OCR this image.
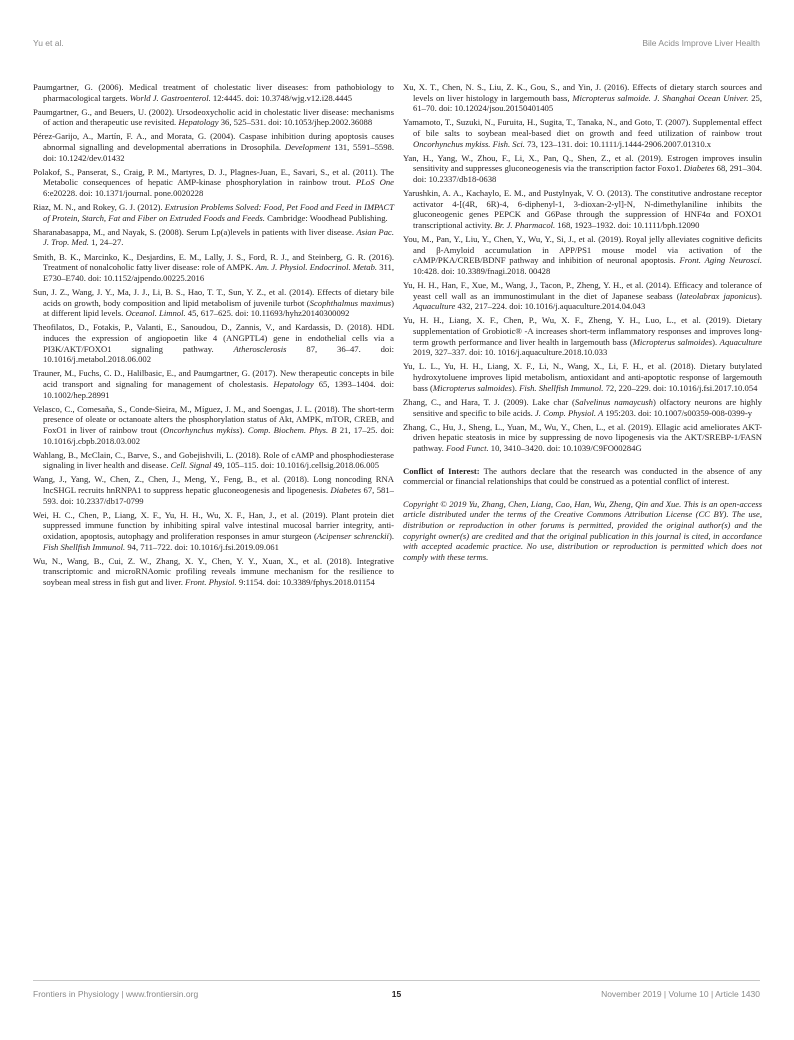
Yu et al.	Bile Acids Improve Liver Health

Paumgartner, G. (2006). Medical treatment of cholestatic liver diseases: from pathobiology to pharmacological targets. World J. Gastroenterol. 12:4445. doi: 10.3748/wjg.v12.i28.4445

Paumgartner, G., and Beuers, U. (2002). Ursodeoxycholic acid in cholestatic liver disease: mechanisms of action and therapeutic use revisited. Hepatology 36, 525–531. doi: 10.1053/jhep.2002.36088

Pérez-Garijo, A., Martín, F. A., and Morata, G. (2004). Caspase inhibition during apoptosis causes abnormal signalling and developmental aberrations in Drosophila. Development 131, 5591–5598. doi: 10.1242/dev.01432

Polakof, S., Panserat, S., Craig, P. M., Martyres, D. J., Plagnes-Juan, E., Savari, S., et al. (2011). The Metabolic consequences of hepatic AMP-kinase phosphorylation in rainbow trout. PLoS One 6:e20228. doi: 10.1371/journal. pone.0020228

Riaz, M. N., and Rokey, G. J. (2012). Extrusion Problems Solved: Food, Pet Food and Feed in IMPACT of Protein, Starch, Fat and Fiber on Extruded Foods and Feeds. Cambridge: Woodhead Publishing.

Sharanabasappa, M., and Nayak, S. (2008). Serum Lp(a)levels in patients with liver disease. Asian Pac. J. Trop. Med. 1, 24–27.

Smith, B. K., Marcinko, K., Desjardins, E. M., Lally, J. S., Ford, R. J., and Steinberg, G. R. (2016). Treatment of nonalcoholic fatty liver disease: role of AMPK. Am. J. Physiol. Endocrinol. Metab. 311, E730–E740. doi: 10.1152/ajpendo.00225.2016

Sun, J. Z., Wang, J. Y., Ma, J. J., Li, B. S., Hao, T. T., Sun, Y. Z., et al. (2014). Effects of dietary bile acids on growth, body composition and lipid metabolism of juvenile turbot (Scophthalmus maximus) at different lipid levels. Oceanol. Limnol. 45, 617–625. doi: 10.11693/hyhz20140300092

Theofilatos, D., Fotakis, P., Valanti, E., Sanoudou, D., Zannis, V., and Kardassis, D. (2018). HDL induces the expression of angiopoetin like 4 (ANGPTL4) gene in endothelial cells via a PI3K/AKT/FOXO1 signaling pathway. Atherosclerosis 87, 36–47. doi: 10.1016/j.metabol.2018.06.002

Trauner, M., Fuchs, C. D., Halilbasic, E., and Paumgartner, G. (2017). New therapeutic concepts in bile acid transport and signaling for management of cholestasis. Hepatology 65, 1393–1404. doi: 10.1002/hep.28991

Velasco, C., Comesaña, S., Conde-Sieira, M., Míguez, J. M., and Soengas, J. L. (2018). The short-term presence of oleate or octanoate alters the phosphorylation status of Akt, AMPK, mTOR, CREB, and FoxO1 in liver of rainbow trout (Oncorhynchus mykiss). Comp. Biochem. Phys. B 21, 17–25. doi: 10.1016/j.cbpb.2018.03.002

Wahlang, B., McClain, C., Barve, S., and Gobejishvili, L. (2018). Role of cAMP and phosphodiesterase signaling in liver health and disease. Cell. Signal 49, 105–115. doi: 10.1016/j.cellsig.2018.06.005

Wang, J., Yang, W., Chen, Z., Chen, J., Meng, Y., Feng, B., et al. (2018). Long noncoding RNA lncSHGL recruits hnRNPA1 to suppress hepatic gluconeogenesis and lipogenesis. Diabetes 67, 581–593. doi: 10.2337/db17-0799

Wei, H. C., Chen, P., Liang, X. F., Yu, H. H., Wu, X. F., Han, J., et al. (2019). Plant protein diet suppressed immune function by inhibiting spiral valve intestinal mucosal barrier integrity, anti-oxidation, apoptosis, autophagy and proliferation responses in amur sturgeon (Acipenser schrenckii). Fish Shellfish Immunol. 94, 711–722. doi: 10.1016/j.fsi.2019.09.061

Wu, N., Wang, B., Cui, Z. W., Zhang, X. Y., Chen, Y. Y., Xuan, X., et al. (2018). Integrative transcriptomic and microRNAomic profiling reveals immune mechanism for the resilience to soybean meal stress in fish gut and liver. Front. Physiol. 9:1154. doi: 10.3389/fphys.2018.01154

Xu, X. T., Chen, N. S., Liu, Z. K., Gou, S., and Yin, J. (2016). Effects of dietary starch sources and levels on liver histology in largemouth bass, Micropterus salmoide. J. Shanghai Ocean Univer. 25, 61–70. doi: 10.12024/jsou.20150401405

Yamamoto, T., Suzuki, N., Furuita, H., Sugita, T., Tanaka, N., and Goto, T. (2007). Supplemental effect of bile salts to soybean meal-based diet on growth and feed utilization of rainbow trout Oncorhynchus mykiss. Fish. Sci. 73, 123–131. doi: 10.1111/j.1444-2906.2007.01310.x

Yan, H., Yang, W., Zhou, F., Li, X., Pan, Q., Shen, Z., et al. (2019). Estrogen improves insulin sensitivity and suppresses gluconeogenesis via the transcription factor Foxo1. Diabetes 68, 291–304. doi: 10.2337/db18-0638

Yarushkin, A. A., Kachaylo, E. M., and Pustylnyak, V. O. (2013). The constitutive androstane receptor activator 4-[(4R, 6R)-4, 6-diphenyl-1, 3-dioxan-2-yl]-N, N-dimethylaniline inhibits the gluconeogenic genes PEPCK and G6Pase through the suppression of HNF4α and FOXO1 transcriptional activity. Br. J. Pharmacol. 168, 1923–1932. doi: 10.1111/bph.12090

You, M., Pan, Y., Liu, Y., Chen, Y., Wu, Y., Si, J., et al. (2019). Royal jelly alleviates cognitive deficits and β-Amyloid accumulation in APP/PS1 mouse model via activation of the cAMP/PKA/CREB/BDNF pathway and inhibition of neuronal apoptosis. Front. Aging Neurosci. 10:428. doi: 10.3389/fnagi.2018. 00428

Yu, H. H., Han, F., Xue, M., Wang, J., Tacon, P., Zheng, Y. H., et al. (2014). Efficacy and tolerance of yeast cell wall as an immunostimulant in the diet of Japanese seabass (lateolabrax japonicus). Aquaculture 432, 217–224. doi: 10.1016/j.aquaculture.2014.04.043

Yu, H. H., Liang, X. F., Chen, P., Wu, X. F., Zheng, Y. H., Luo, L., et al. (2019). Dietary supplementation of Grobiotic® -A increases short-term inflammatory responses and improves long-term growth performance and liver health in largemouth bass (Micropterus salmoides). Aquaculture 2019, 327–337. doi: 10. 1016/j.aquaculture.2018.10.033

Yu, L. L., Yu, H. H., Liang, X. F., Li, N., Wang, X., Li, F. H., et al. (2018). Dietary butylated hydroxytoluene improves lipid metabolism, antioxidant and anti-apoptotic response of largemouth bass (Micropterus salmoides). Fish. Shellfish Immunol. 72, 220–229. doi: 10.1016/j.fsi.2017.10.054

Zhang, C., and Hara, T. J. (2009). Lake char (Salvelinus namaycush) olfactory neurons are highly sensitive and specific to bile acids. J. Comp. Physiol. A 195:203. doi: 10.1007/s00359-008-0399-y

Zhang, C., Hu, J., Sheng, L., Yuan, M., Wu, Y., Chen, L., et al. (2019). Ellagic acid ameliorates AKT-driven hepatic steatosis in mice by suppressing de novo lipogenesis via the AKT/SREBP-1/FASN pathway. Food Funct. 10, 3410–3420. doi: 10.1039/C9FO00284G

Conflict of Interest: The authors declare that the research was conducted in the absence of any commercial or financial relationships that could be construed as a potential conflict of interest.
Copyright © 2019 Yu, Zhang, Chen, Liang, Cao, Han, Wu, Zheng, Qin and Xue. This is an open-access article distributed under the terms of the Creative Commons Attribution License (CC BY). The use, distribution or reproduction in other forums is permitted, provided the original author(s) and the copyright owner(s) are credited and that the original publication in this journal is cited, in accordance with accepted academic practice. No use, distribution or reproduction is permitted which does not comply with these terms.
Frontiers in Physiology | www.frontiersin.org	15	November 2019 | Volume 10 | Article 1430
